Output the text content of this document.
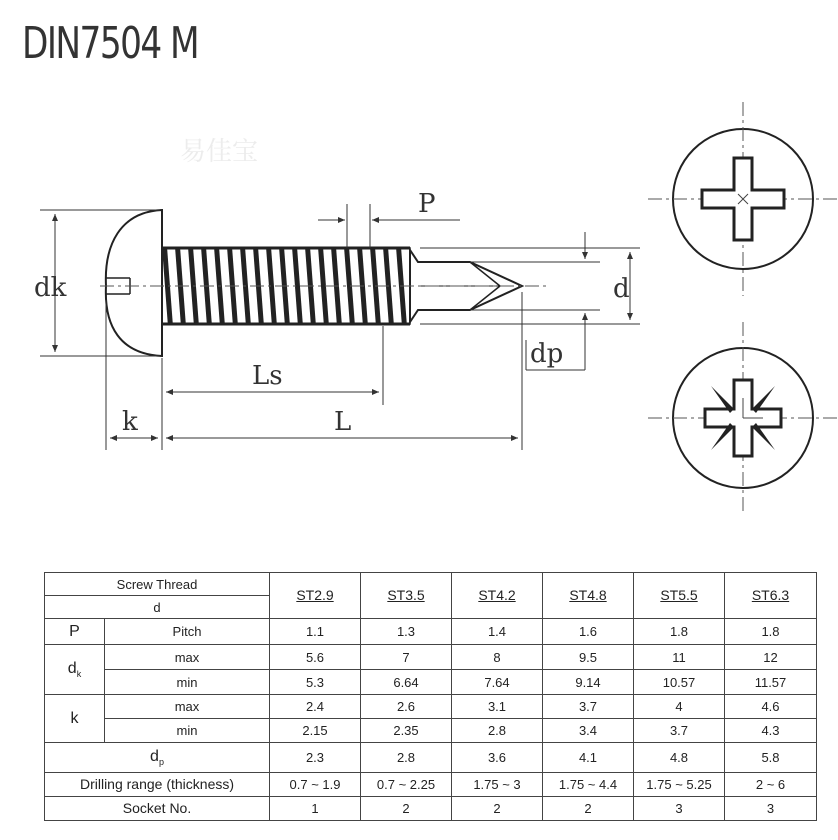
DIN7504 M
易佳宝
dk
P
d
dp
Ls
k	L
Screw Thread		ST2.9	ST3.5	ST4.2	ST4.8	ST5.5	ST6.3
d							
P	Pitch	1.1	1.3	1.4	1.6	1.8	1.8
$d_k$	max	5.6	7	8	9.5	11	12
	min	5.3	6.64	7.64	9.14	10.57	11.57
k	max	2.4	2.6	3.1	3.7	4	4.6
	min	2.15	2.35	2.8	3.4	3.7	4.3
$d_p$		2.3	2.8	3.6	4.1	4.8	5.8
Drilling range (thickness)		0.7 ~ 1.9	0.7 ~ 2.25	1.75 ~ 3	1.75 ~ 4.4	1.75 ~ 5.25	2 ~ 6
Socket No.		1	2	2	2	3	3
